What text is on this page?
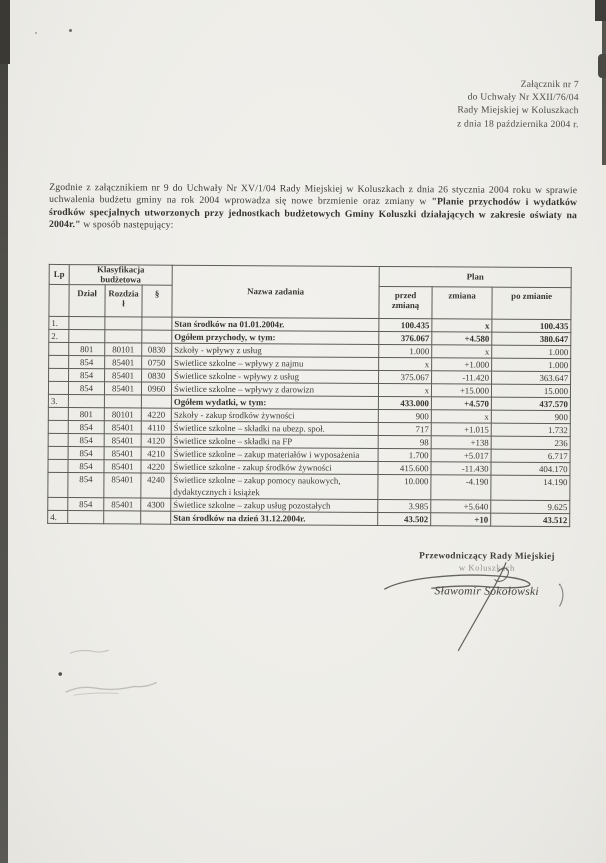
Załącznik nr 7
do Uchwały Nr XXII/76/04
Rady Miejskiej w Koluszkach
z dnia 18 października 2004 r.
Zgodnie z załącznikiem nr 9 do Uchwały Nr XV/1/04 Rady Miejskiej w Koluszkach z dnia 26 stycznia 2004 roku w sprawie uchwalenia budżetu gminy na rok 2004 wprowadza się nowe brzmienie oraz zmiany w "Planie przychodów i wydatków środków specjalnych utworzonych przy jednostkach budżetowych Gminy Koluszki działających w zakresie oświaty na 2004r." w sposób następujący:
Lp	Klasyfikacja budżetowa			Nazwa zadania	Plan		
	Dział	Rozdział	§		przed zmianą	zmiana	po zmianie
1.				Stan środków na 01.01.2004r.	100.435	x	100.435
2.				Ogółem przychody, w tym:	376.067	+4.580	380.647
	801	80101	0830	Szkoły - wpływy z usług	1.000	x	1.000
	854	85401	0750	Swietlice szkolne – wpływy z najmu	x	+1.000	1.000
	854	85401	0830	Świetlice szkolne - wpływy z usług	375.067	-11.420	363.647
	854	85401	0960	Świetlice szkolne – wpływy z darowizn	x	+15.000	15.000
3.				Ogółem wydatki, w tym:	433.000	+4.570	437.570
	801	80101	4220	Szkoły - zakup środków żywności	900	x	900
	854	85401	4110	Świetlice szkolne – składki na ubezp. społ.	717	+1.015	1.732
	854	85401	4120	Świetlice szkolne – składki na FP	98	+138	236
	854	85401	4210	Świetlice szkolne – zakup materiałów i wyposażenia	1.700	+5.017	6.717
	854	85401	4220	Świetlice szkolne - zakup środków żywności	415.600	-11.430	404.170
	854	85401	4240	Świetlice szkolne – zakup pomocy naukowych, dydaktycznych i książek	10.000	-4.190	14.190
	854	85401	4300	Świetlice szkolne – zakup usług pozostałych	3.985	+5.640	9.625
4.				Stan środków na dzień 31.12.2004r.	43.502	+10	43.512
Przewodniczący Rady Miejskiej
w Koluszkach
Sławomir Sokołowski
